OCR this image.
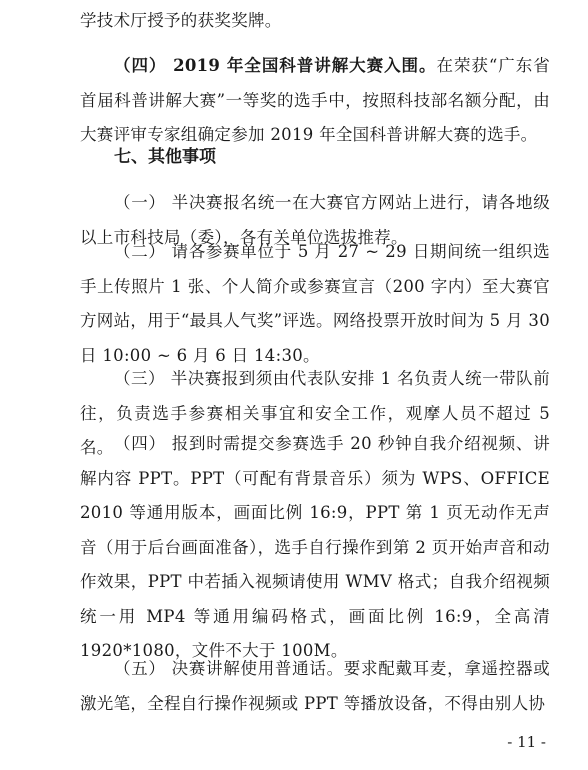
学技术厅授予的获奖奖牌。

（四） 2019 年全国科普讲解大赛入围。在荣获“广东省首届科普讲解大赛”一等奖的选手中，按照科技部名额分配，由大赛评审专家组确定参加 2019 年全国科普讲解大赛的选手。

七、其他事项

（一） 半决赛报名统一在大赛官方网站上进行，请各地级以上市科技局（委），各有关单位选拔推荐。

（二） 请各参赛单位于 5 月 27 ~ 29 日期间统一组织选手上传照片 1 张、个人简介或参赛宣言（200 字内）至大赛官方网站，用于“最具人气奖”评选。网络投票开放时间为 5 月 30 日 10:00 ~ 6 月 6 日 14:30。

（三） 半决赛报到须由代表队安排 1 名负责人统一带队前往，负责选手参赛相关事宜和安全工作，观摩人员不超过 5 名。 （四） 报到时需提交参赛选手 20 秒钟自我介绍视频、讲解内容 PPT。PPT（可配有背景音乐）须为 WPS、OFFICE 2010 等通用版本，画面比例 16:9，PPT 第 1 页无动作无声音（用于后台画面准备），选手自行操作到第 2 页开始声音和动作效果，PPT 中若插入视频请使用 WMV 格式；自我介绍视频统一用 MP4 等通用编码格式，画面比例 16:9，全高清 1920*1080，文件不大于 100M。

（五） 决赛讲解使用普通话。要求配戴耳麦，拿遥控器或激光笔，全程自行操作视频或 PPT 等播放设备，不得由别人协

- 11 -
